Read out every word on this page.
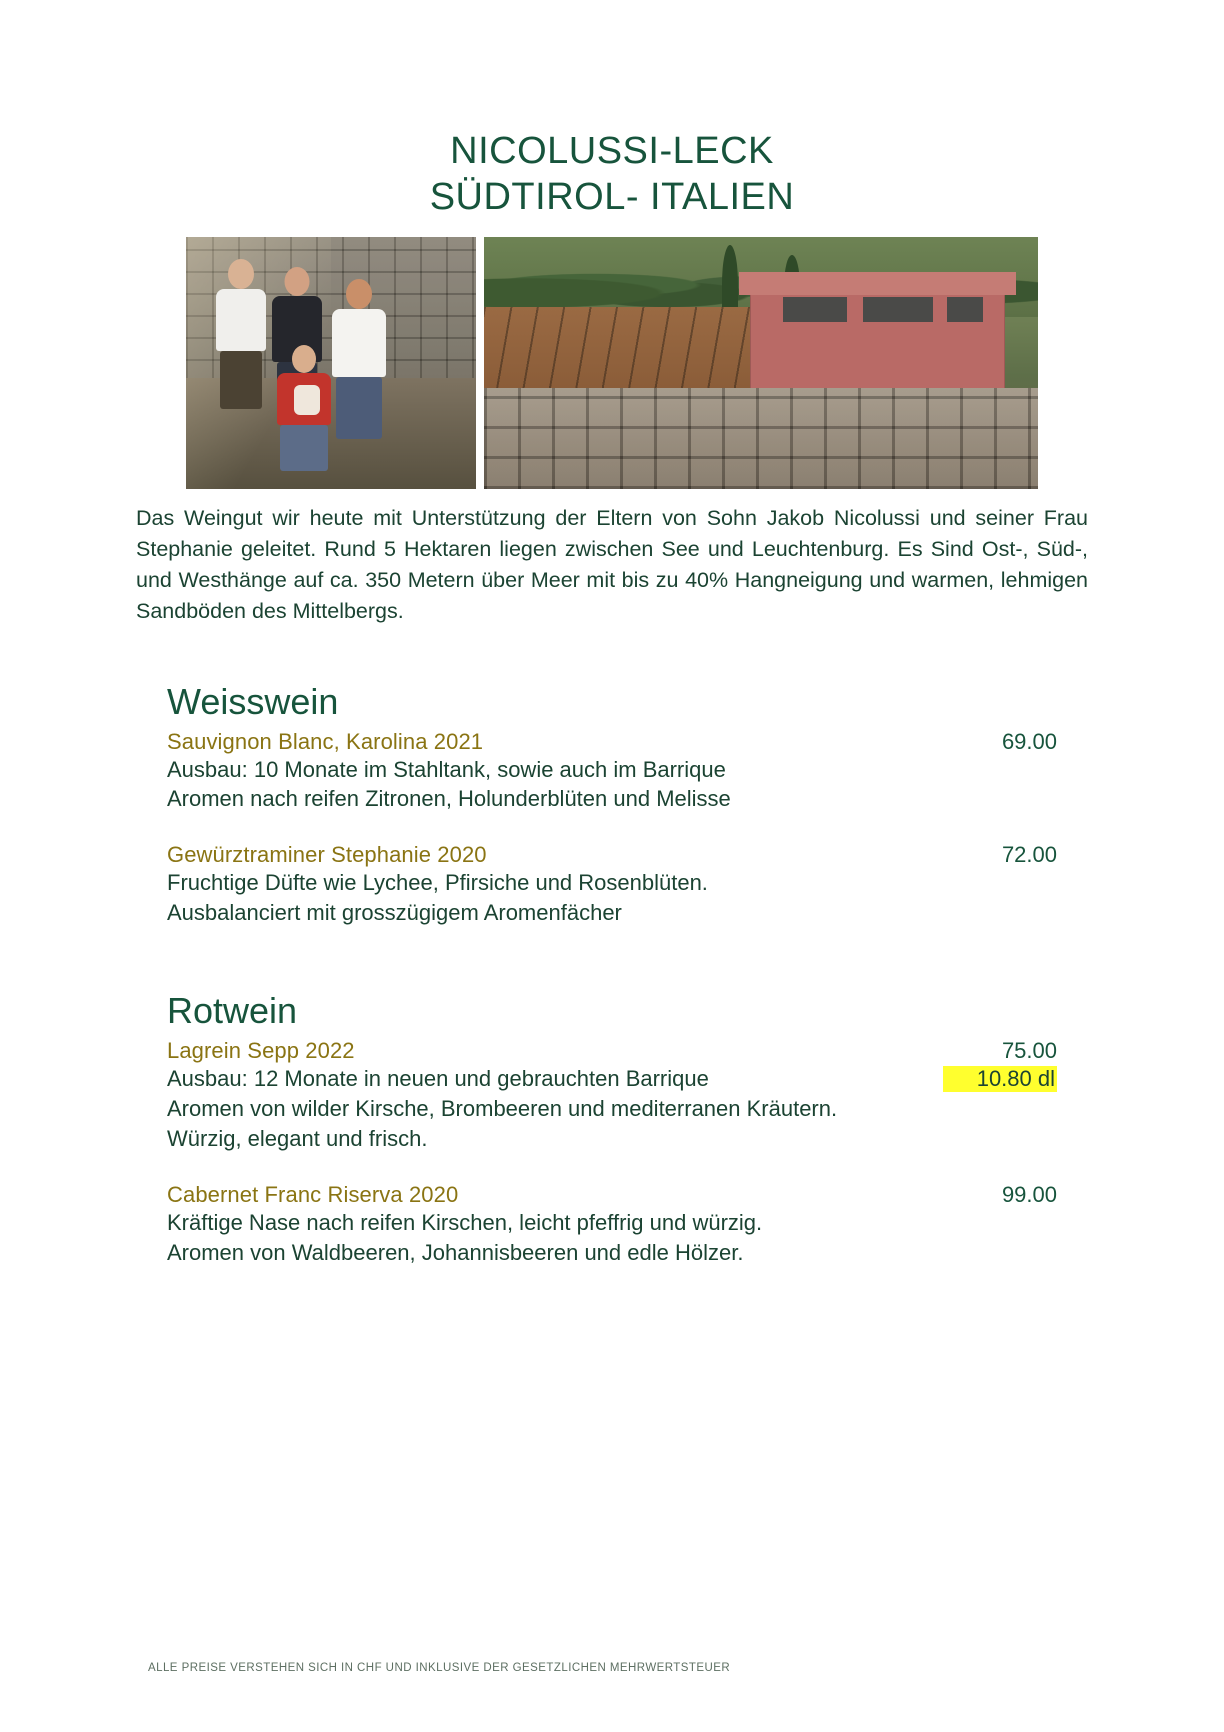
NICOLUSSI-LECK
SÜDTIROL- ITALIEN
Das Weingut wir heute mit Unterstützung der Eltern von Sohn Jakob Nicolussi und seiner Frau Stephanie geleitet. Rund 5 Hektaren liegen zwischen See und Leuchtenburg. Es Sind Ost-, Süd-, und Westhänge auf ca. 350 Metern über Meer mit bis zu 40% Hangneigung und warmen, lehmigen Sandböden des Mittelbergs.
Weisswein
Sauvignon Blanc, Karolina 2021	69.00
Ausbau: 10 Monate im Stahltank, sowie auch im Barrique
Aromen nach reifen Zitronen, Holunderblüten und Melisse
Gewürztraminer Stephanie 2020	72.00
Fruchtige Düfte wie Lychee, Pfirsiche und Rosenblüten.
Ausbalanciert mit grosszügigem Aromenfächer
Rotwein
Lagrein Sepp 2022	75.00
Ausbau: 12 Monate in neuen und gebrauchten Barrique	10.80 dl
Aromen von wilder Kirsche, Brombeeren und mediterranen Kräutern.
Würzig, elegant und frisch.
Cabernet Franc Riserva 2020	99.00
Kräftige Nase nach reifen Kirschen, leicht pfeffrig und würzig.
Aromen von Waldbeeren, Johannisbeeren und edle Hölzer.
ALLE PREISE VERSTEHEN SICH IN CHF UND INKLUSIVE DER GESETZLICHEN MEHRWERTSTEUER
